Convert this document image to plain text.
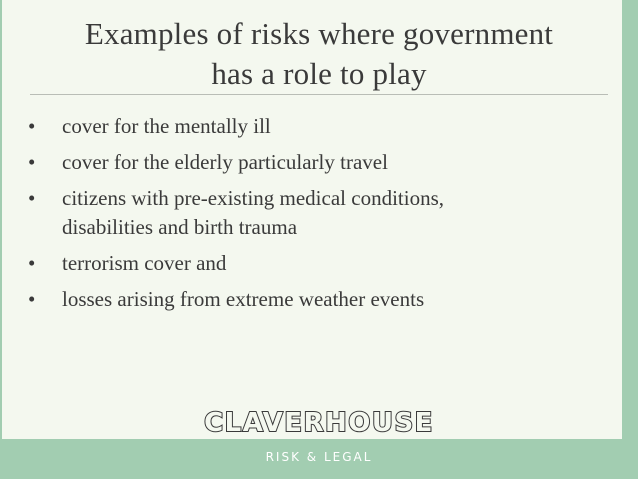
Examples of risks where government
has a role to play
• cover for the mentally ill
• cover for the elderly particularly travel
• citizens with pre-existing medical conditions,
disabilities and birth trauma
• terrorism cover and
• losses arising from extreme weather events
CLAVERHOUSE
RISK & LEGAL
